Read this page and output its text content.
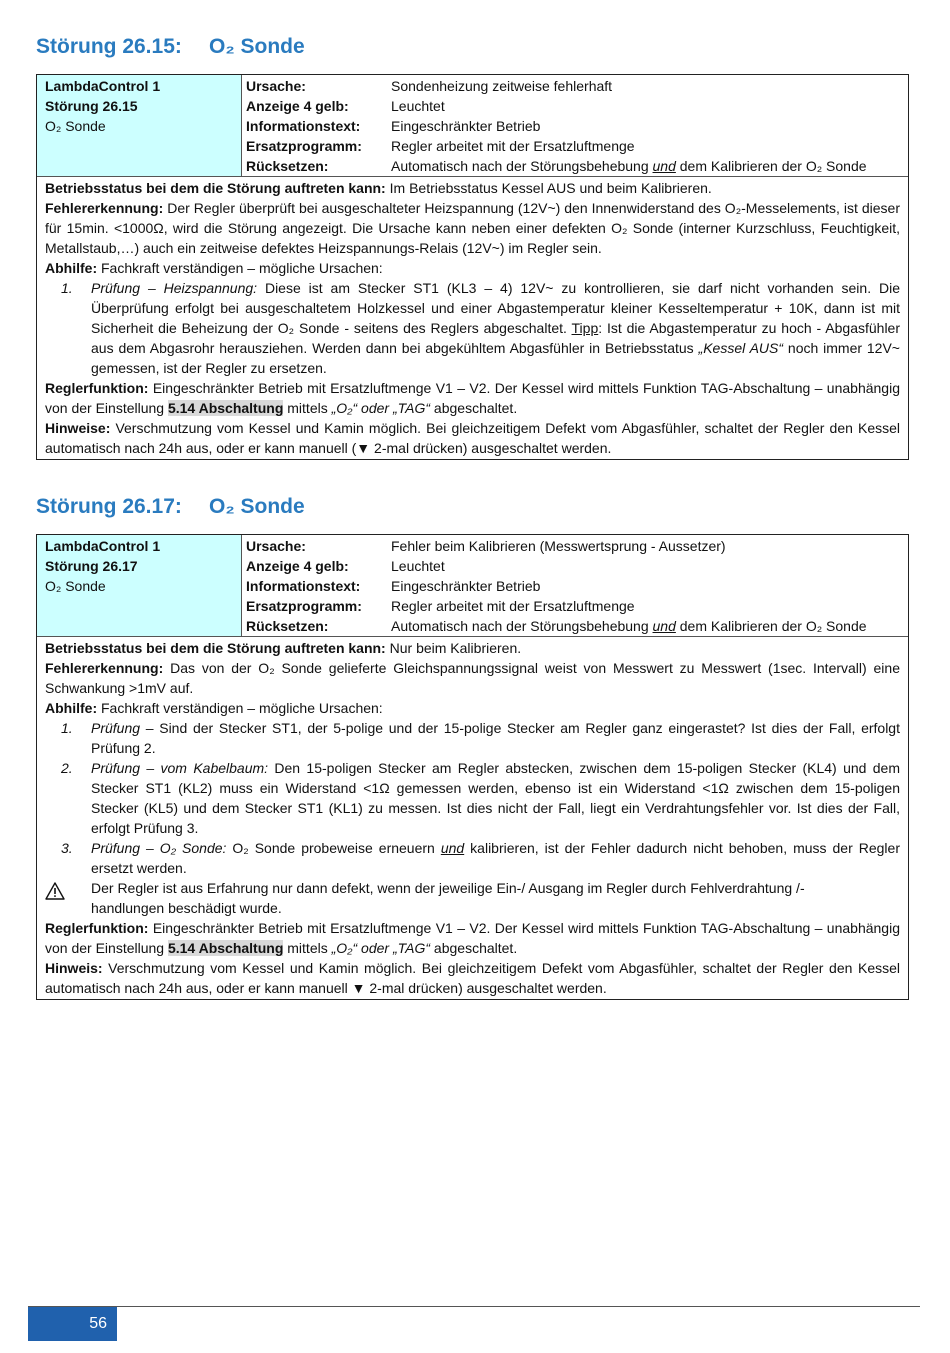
Störung 26.15: O₂ Sonde
LambdaControl 1
Störung 26.15
O₂ Sonde
Ursache:	Sondenheizung zeitweise fehlerhaft
Anzeige 4 gelb:	Leuchtet
Informationstext:	Eingeschränkter Betrieb
Ersatzprogramm:	Regler arbeitet mit der Ersatzluftmenge
Rücksetzen:	Automatisch nach der Störungsbehebung und dem Kalibrieren der O₂ Sonde

Betriebsstatus bei dem die Störung auftreten kann: Im Betriebsstatus Kessel AUS und beim Kalibrieren.

Fehlererkennung: Der Regler überprüft bei ausgeschalteter Heizspannung (12V~) den Innenwiderstand des O₂-Messelements, ist dieser für 15min. <1000Ω, wird die Störung angezeigt. Die Ursache kann neben einer defekten O₂ Sonde (interner Kurzschluss, Feuchtigkeit, Metallstaub,…) auch ein zeitweise defektes Heizspannungs-Relais (12V~) im Regler sein.

Abhilfe: Fachkraft verständigen – mögliche Ursachen:

1. Prüfung – Heizspannung: Diese ist am Stecker ST1 (KL3 – 4) 12V~ zu kontrollieren, sie darf nicht vorhanden sein. Die Überprüfung erfolgt bei ausgeschaltetem Holzkessel und einer Abgastemperatur kleiner Kesseltemperatur + 10K, dann ist mit Sicherheit die Beheizung der O₂ Sonde - seitens des Reglers abgeschaltet. Tipp: Ist die Abgastemperatur zu hoch - Abgasfühler aus dem Abgasrohr herausziehen. Werden dann bei abgekühltem Abgasfühler in Betriebsstatus „Kessel AUS“ noch immer 12V~ gemessen, ist der Regler zu ersetzen.

Reglerfunktion: Eingeschränkter Betrieb mit Ersatzluftmenge V1 – V2. Der Kessel wird mittels Funktion TAG-Abschaltung – unabhängig von der Einstellung 5.14 Abschaltung mittels „O₂“ oder „TAG“ abgeschaltet.

Hinweise: Verschmutzung vom Kessel und Kamin möglich. Bei gleichzeitigem Defekt vom Abgasfühler, schaltet der Regler den Kessel automatisch nach 24h aus, oder er kann manuell (▼ 2-mal drücken) ausgeschaltet werden.

Störung 26.17: O₂ Sonde
LambdaControl 1
Störung 26.17
O₂ Sonde
Ursache:	Fehler beim Kalibrieren (Messwertsprung - Aussetzer)
Anzeige 4 gelb:	Leuchtet
Informationstext:	Eingeschränkter Betrieb
Ersatzprogramm:	Regler arbeitet mit der Ersatzluftmenge
Rücksetzen:	Automatisch nach der Störungsbehebung und dem Kalibrieren der O₂ Sonde

Betriebsstatus bei dem die Störung auftreten kann: Nur beim Kalibrieren.

Fehlererkennung: Das von der O₂ Sonde gelieferte Gleichspannungssignal weist von Messwert zu Messwert (1sec. Intervall) eine Schwankung >1mV auf.

Abhilfe: Fachkraft verständigen – mögliche Ursachen:

1. Prüfung – Sind der Stecker ST1, der 5-polige und der 15-polige Stecker am Regler ganz eingerastet? Ist dies der Fall, erfolgt Prüfung 2.
2. Prüfung – vom Kabelbaum: Den 15-poligen Stecker am Regler abstecken, zwischen dem 15-poligen Stecker (KL4) und dem Stecker ST1 (KL2) muss ein Widerstand <1Ω gemessen werden, ebenso ist ein Widerstand <1Ω zwischen dem 15-poligen Stecker (KL5) und dem Stecker ST1 (KL1) zu messen. Ist dies nicht der Fall, liegt ein Verdrahtungsfehler vor. Ist dies der Fall, erfolgt Prüfung 3.
3. Prüfung – O₂ Sonde: O₂ Sonde probeweise erneuern und kalibrieren, ist der Fehler dadurch nicht behoben, muss der Regler ersetzt werden.
Der Regler ist aus Erfahrung nur dann defekt, wenn der jeweilige Ein-/ Ausgang im Regler durch Fehlverdrahtung /-handlungen beschädigt wurde.

Reglerfunktion: Eingeschränkter Betrieb mit Ersatzluftmenge V1 – V2. Der Kessel wird mittels Funktion TAG-Abschaltung – unabhängig von der Einstellung 5.14 Abschaltung mittels „O₂“ oder „TAG“ abgeschaltet.

Hinweis: Verschmutzung vom Kessel und Kamin möglich. Bei gleichzeitigem Defekt vom Abgasfühler, schaltet der Regler den Kessel automatisch nach 24h aus, oder er kann manuell ▼ 2-mal drücken) ausgeschaltet werden.

56
